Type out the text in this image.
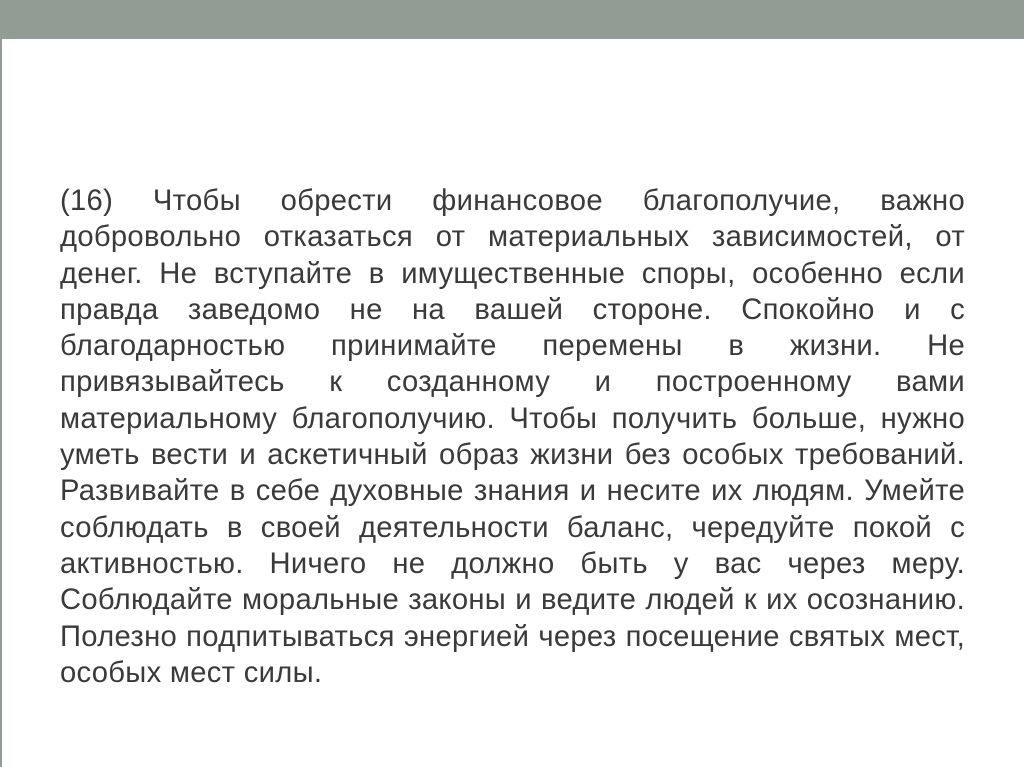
(16) Чтобы обрести финансовое благополучие, важно добровольно отказаться от материальных зависимостей, от денег. Не вступайте в имущественные споры, особенно если правда заведомо не на вашей стороне. Спокойно и с благодарностью принимайте перемены в жизни. Не привязывайтесь к созданному и построенному вами материальному благополучию. Чтобы получить больше, нужно уметь вести и аскетичный образ жизни без особых требований. Развивайте в себе духовные знания и несите их людям. Умейте соблюдать в своей деятельности баланс, чередуйте покой с активностью. Ничего не должно быть у вас через меру. Соблюдайте моральные законы и ведите людей к их осознанию. Полезно подпитываться энергией через посещение святых мест, особых мест силы.
